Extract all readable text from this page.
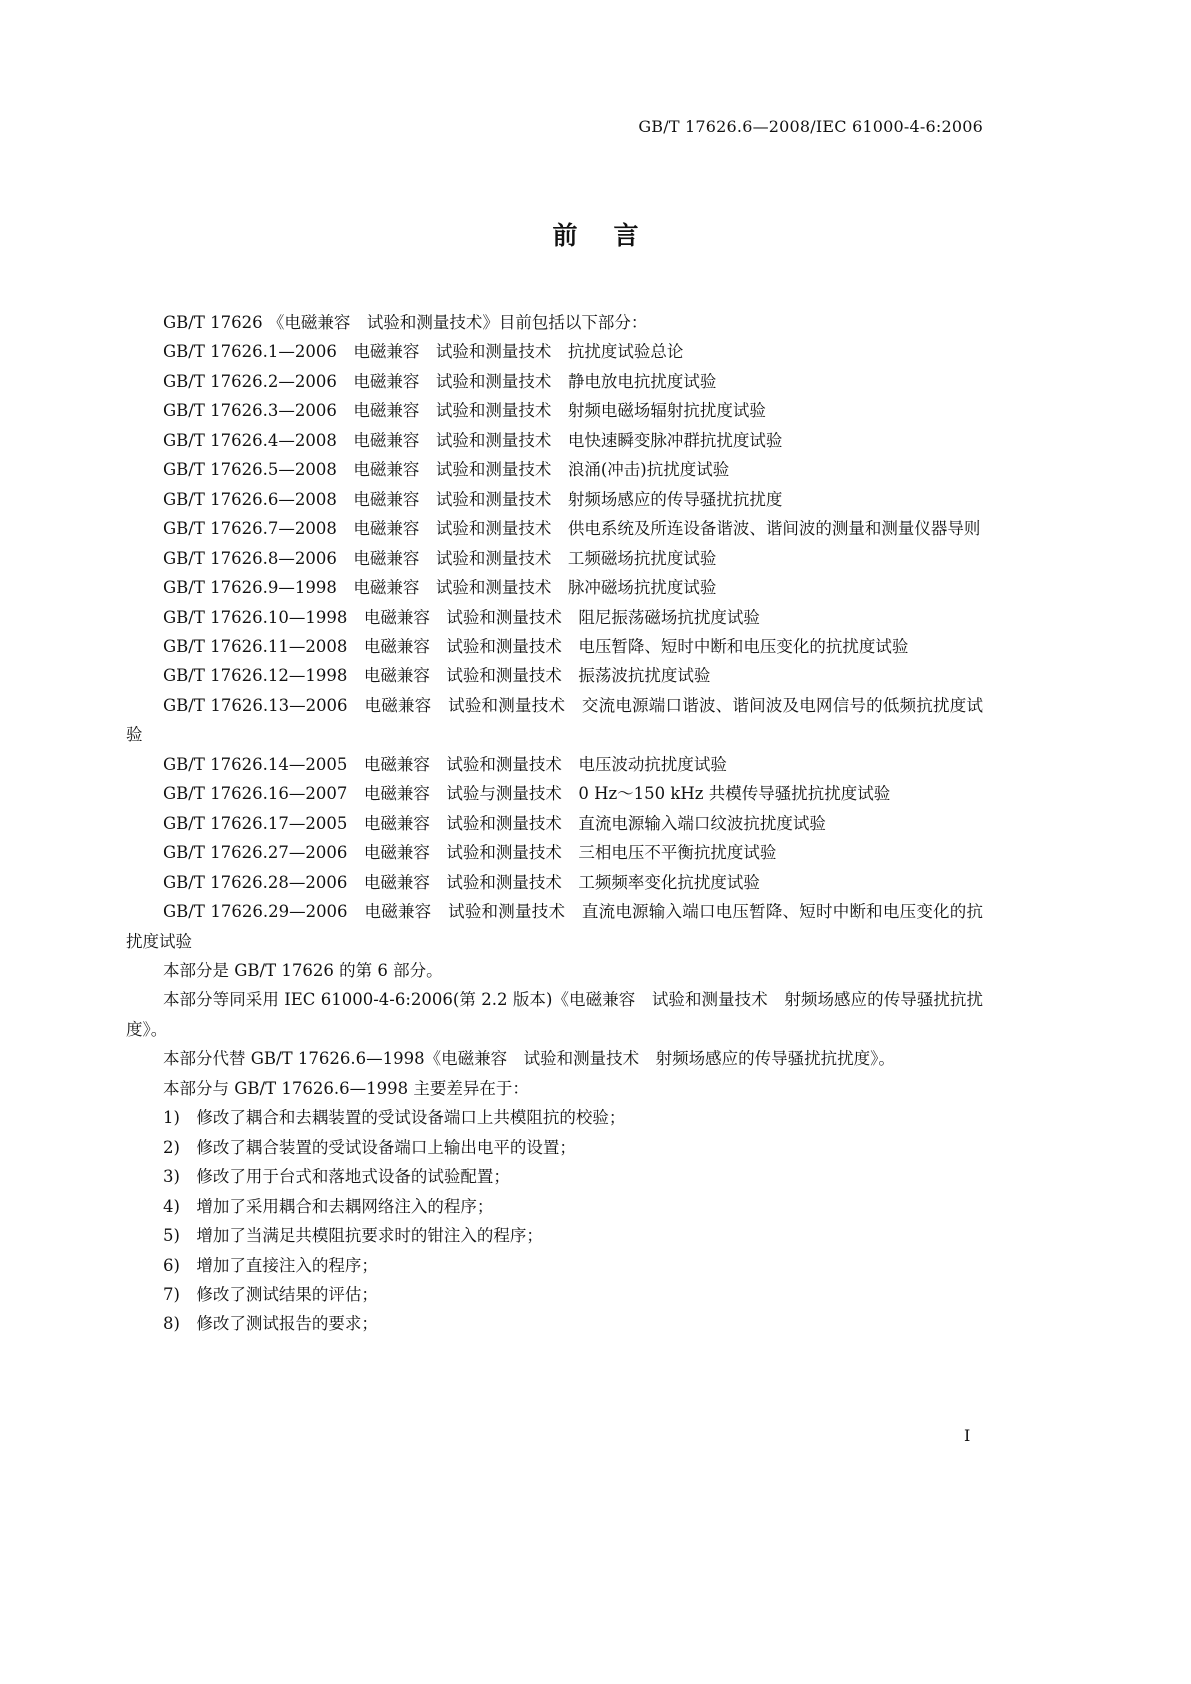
GB/T 17626.6—2008/IEC 61000-4-6:2006
前 言

GB/T 17626 《电磁兼容　试验和测量技术》目前包括以下部分：

GB/T 17626.1—2006　电磁兼容　试验和测量技术　抗扰度试验总论

GB/T 17626.2—2006　电磁兼容　试验和测量技术　静电放电抗扰度试验

GB/T 17626.3—2006　电磁兼容　试验和测量技术　射频电磁场辐射抗扰度试验

GB/T 17626.4—2008　电磁兼容　试验和测量技术　电快速瞬变脉冲群抗扰度试验

GB/T 17626.5—2008　电磁兼容　试验和测量技术　浪涌(冲击)抗扰度试验

GB/T 17626.6—2008　电磁兼容　试验和测量技术　射频场感应的传导骚扰抗扰度

GB/T 17626.7—2008　电磁兼容　试验和测量技术　供电系统及所连设备谐波、谐间波的测量和测量仪器导则

GB/T 17626.8—2006　电磁兼容　试验和测量技术　工频磁场抗扰度试验

GB/T 17626.9—1998　电磁兼容　试验和测量技术　脉冲磁场抗扰度试验

GB/T 17626.10—1998　电磁兼容　试验和测量技术　阻尼振荡磁场抗扰度试验

GB/T 17626.11—2008　电磁兼容　试验和测量技术　电压暂降、短时中断和电压变化的抗扰度试验

GB/T 17626.12—1998　电磁兼容　试验和测量技术　振荡波抗扰度试验

GB/T 17626.13—2006　电磁兼容　试验和测量技术　交流电源端口谐波、谐间波及电网信号的低频抗扰度试验

GB/T 17626.14—2005　电磁兼容　试验和测量技术　电压波动抗扰度试验

GB/T 17626.16—2007　电磁兼容　试验与测量技术　0 Hz～150 kHz 共模传导骚扰抗扰度试验

GB/T 17626.17—2005　电磁兼容　试验和测量技术　直流电源输入端口纹波抗扰度试验

GB/T 17626.27—2006　电磁兼容　试验和测量技术　三相电压不平衡抗扰度试验

GB/T 17626.28—2006　电磁兼容　试验和测量技术　工频频率变化抗扰度试验

GB/T 17626.29—2006　电磁兼容　试验和测量技术　直流电源输入端口电压暂降、短时中断和电压变化的抗扰度试验

本部分是 GB/T 17626 的第 6 部分。

本部分等同采用 IEC 61000-4-6:2006(第 2.2 版本)《电磁兼容　试验和测量技术　射频场感应的传导骚扰抗扰度》。

本部分代替 GB/T 17626.6—1998《电磁兼容　试验和测量技术　射频场感应的传导骚扰抗扰度》。

本部分与 GB/T 17626.6—1998 主要差异在于：

1)　修改了耦合和去耦装置的受试设备端口上共模阻抗的校验；

2)　修改了耦合装置的受试设备端口上输出电平的设置；

3)　修改了用于台式和落地式设备的试验配置；

4)　增加了采用耦合和去耦网络注入的程序；

5)　增加了当满足共模阻抗要求时的钳注入的程序；

6)　增加了直接注入的程序；

7)　修改了测试结果的评估；

8)　修改了测试报告的要求；

I
